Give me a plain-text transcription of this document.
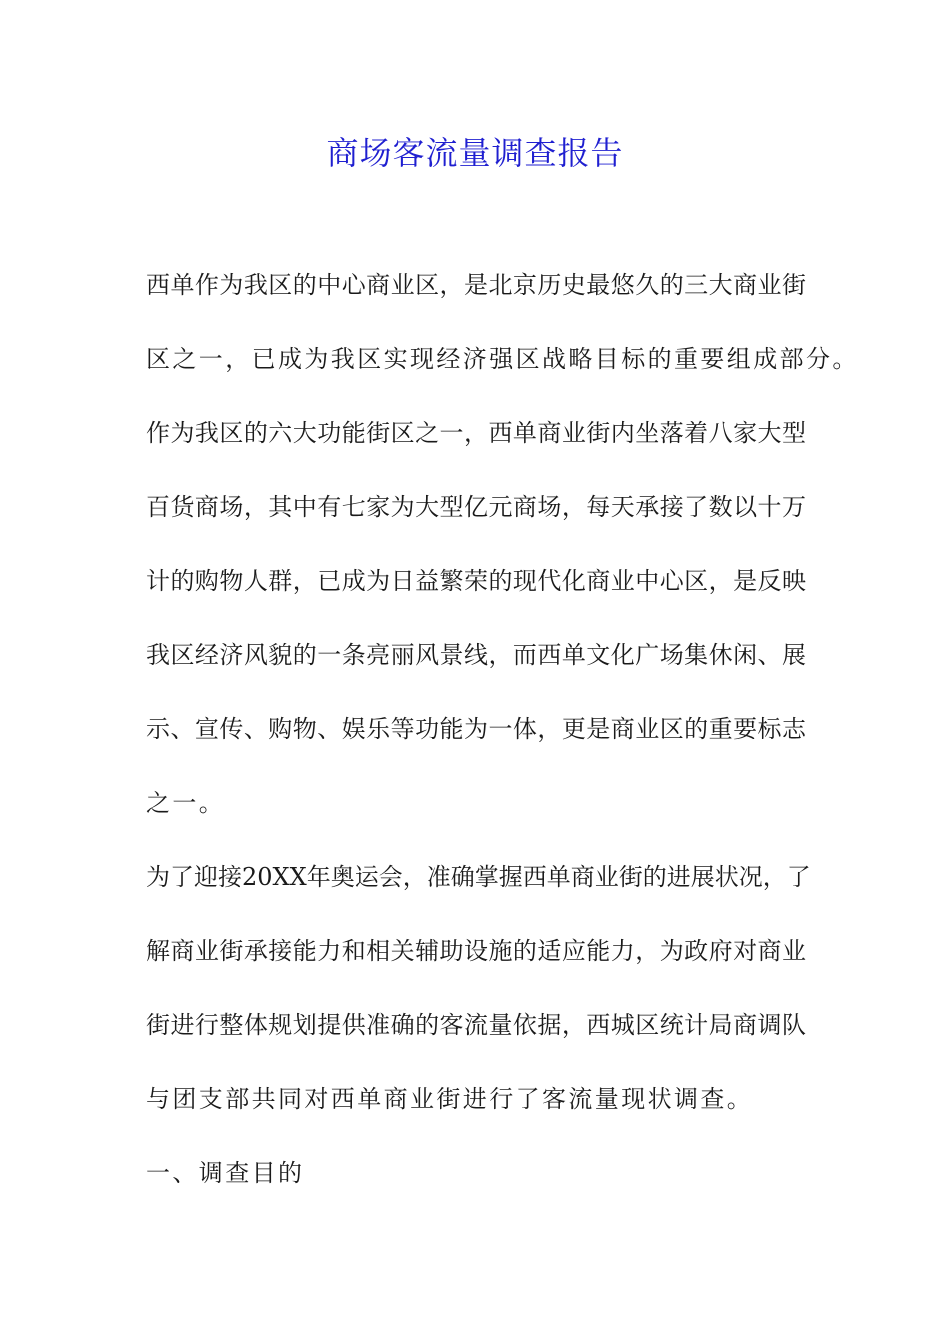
商场客流量调查报告
西单作为我区的中心商业区，是北京历史最悠久的三大商业街
区之一，已成为我区实现经济强区战略目标的重要组成部分。
作为我区的六大功能街区之一，西单商业街内坐落着八家大型
百货商场，其中有七家为大型亿元商场，每天承接了数以十万
计的购物人群，已成为日益繁荣的现代化商业中心区，是反映
我区经济风貌的一条亮丽风景线，而西单文化广场集休闲、展
示、宣传、购物、娱乐等功能为一体，更是商业区的重要标志
之一。
为了迎接20XX年奥运会，准确掌握西单商业街的进展状况，了
解商业街承接能力和相关辅助设施的适应能力，为政府对商业
街进行整体规划提供准确的客流量依据，西城区统计局商调队
与团支部共同对西单商业街进行了客流量现状调查。
一、调查目的
